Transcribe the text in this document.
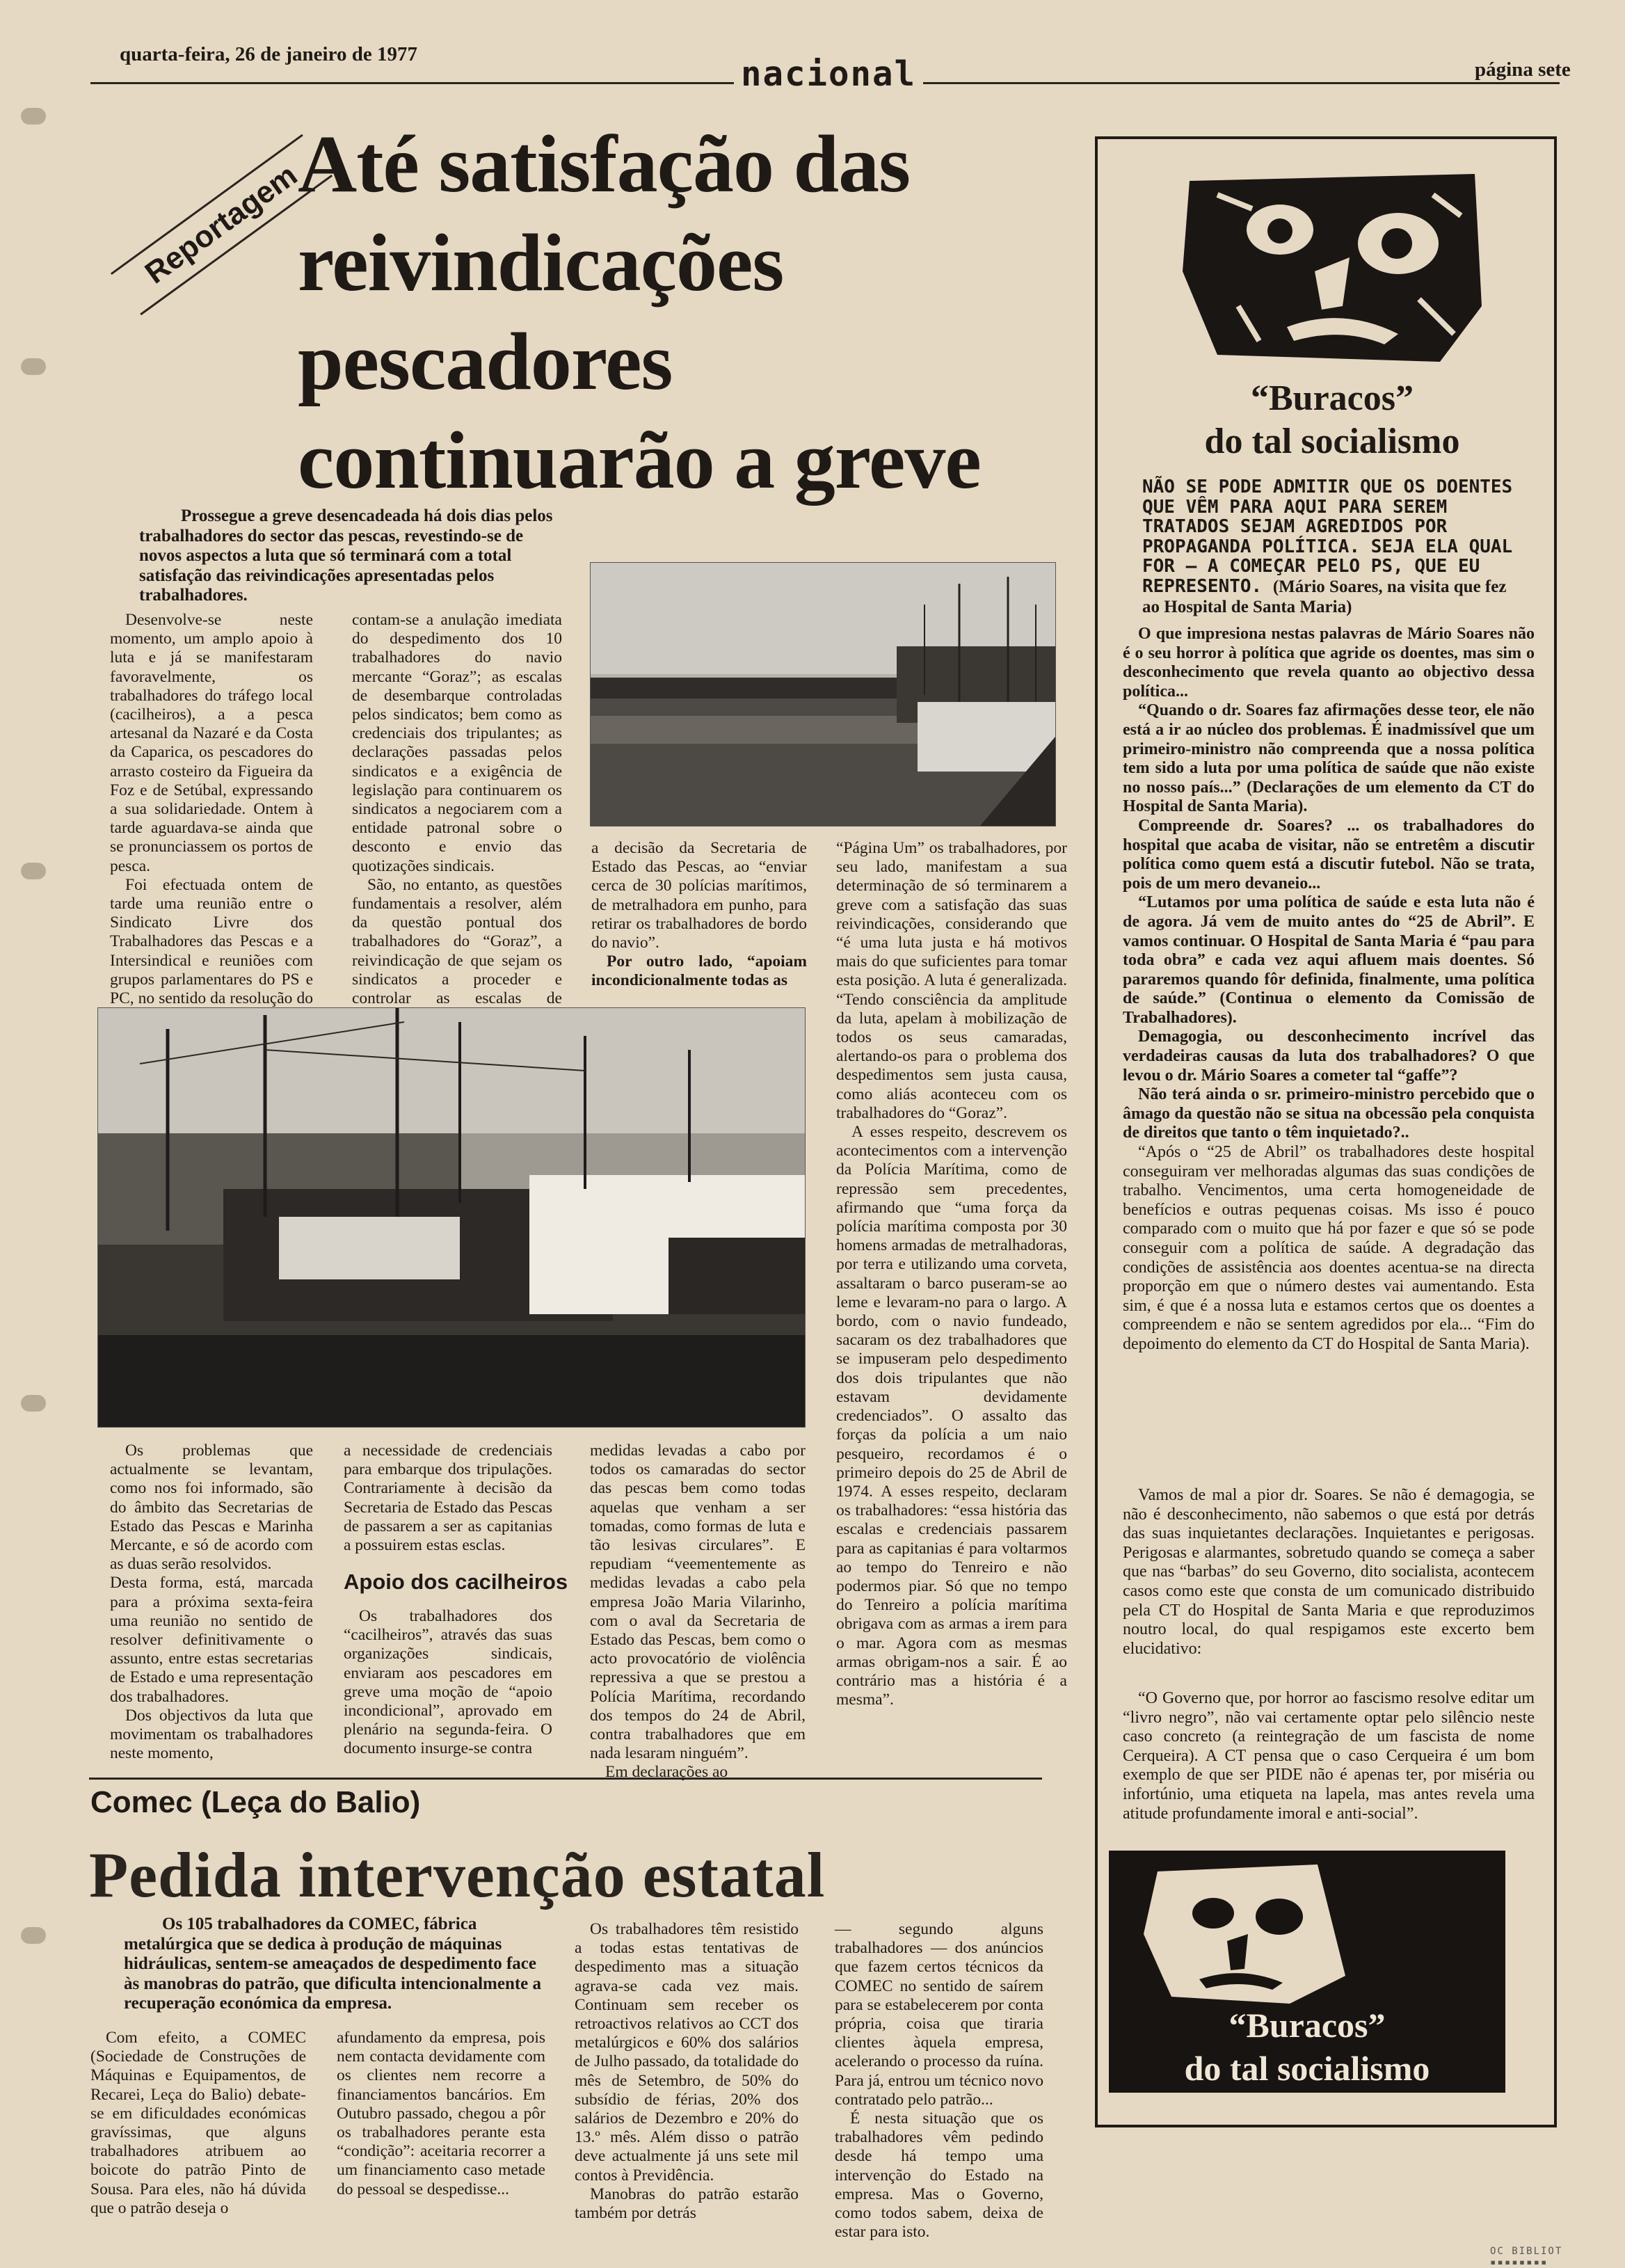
quarta-feira, 26 de janeiro de 1977	nacional	página sete
Reportagem
Até satisfação das reivindicações pescadores continuarão a greve

Prossegue a greve desencadeada há dois dias pelos trabalhadores do sector das pescas, revestindo-se de novos aspectos a luta que só terminará com a total satisfação das reivindicações apresentadas pelos trabalhadores.

Desenvolve-se neste momento, um amplo apoio à luta e já se manifestaram favoravelmente, os trabalhadores do tráfego local (cacilheiros), a a pesca artesanal da Nazaré e da Costa da Caparica, os pescadores do arrasto costeiro da Figueira da Foz e de Setúbal, expressando a sua solidariedade. Ontem à tarde aguardava-se ainda que se pronunciassem os portos de pesca.

Foi efectuada ontem de tarde uma reunião entre o Sindicato Livre dos Trabalhadores das Pescas e a Intersindical e reuniões com grupos parlamentares do PS e PC, no sentido da resolução do

contam-se a anulação imediata do despedimento dos 10 trabalhadores do navio mercante “Goraz”; as escalas de desembarque controladas pelos sindicatos; bem como as credenciais dos tripulantes; as declarações passadas pelos sindicatos e a exigência de legislação para continuarem os sindicatos a negociarem com a entidade patronal sobre o desconto e envio das quotizações sindicais.

São, no entanto, as questões fundamentais a resolver, além da questão pontual dos trabalhadores do “Goraz”, a reivindicação de que sejam os sindicatos a proceder e controlar as escalas de

a decisão da Secretaria de Estado das Pescas, ao “enviar cerca de 30 polícias marítimos, de metralhadora em punho, para retirar os trabalhadores de bordo do navio”.

Por outro lado, “apoiam incondicionalmente todas as

“Página Um” os trabalhadores, por seu lado, manifestam a sua determinação de só terminarem a greve com a satisfação das suas reivindicações, considerando que “é uma luta justa e há motivos mais do que suficientes para tomar esta posição. A luta é generalizada. “Tendo consciência da amplitude da luta, apelam à mobilização de todos os seus camaradas, alertando-os para o problema dos despedimentos sem justa causa, como aliás aconteceu com os trabalhadores do “Goraz”.

A esses respeito, descrevem os acontecimentos com a intervenção da Polícia Marítima, como de repressão sem precedentes, afirmando que “uma força da polícia marítima composta por 30 homens armadas de metralhadoras, por terra e utilizando uma corveta, assaltaram o barco puseram-se ao leme e levaram-no para o largo. A bordo, com o navio fundeado, sacaram os dez trabalhadores que se impuseram pelo despedimento dos dois tripulantes que não estavam devidamente credenciados”. O assalto das forças da polícia a um naio pesqueiro, recordamos é o primeiro depois do 25 de Abril de 1974. A esses respeito, declaram os trabalhadores: “essa história das escalas e credenciais passarem para as capitanias é para voltarmos ao tempo do Tenreiro e não podermos piar. Só que no tempo do Tenreiro a polícia marítima obrigava com as armas a irem para o mar. Agora com as mesmas armas obrigam-nos a sair. É ao contrário mas a história é a mesma”.

Os problemas que actualmente se levantam, como nos foi informado, são do âmbito das Secretarias de Estado das Pescas e Marinha Mercante, e só de acordo com as duas serão resolvidos.

Desta forma, está, marcada para a próxima sexta-feira uma reunião no sentido de resolver definitivamente o assunto, entre estas secretarias de Estado e uma representação dos trabalhadores.

Dos objectivos da luta que movimentam os trabalhadores neste momento,

a necessidade de credenciais para embarque dos tripulações. Contrariamente à decisão da Secretaria de Estado das Pescas de passarem a ser as capitanias a possuirem estas esclas.

Apoio dos cacilheiros

Os trabalhadores dos “cacilheiros”, através das suas organizações sindicais, enviaram aos pescadores em greve uma moção de “apoio incondicional”, aprovado em plenário na segunda-feira. O documento insurge-se contra

medidas levadas a cabo por todos os camaradas do sector das pescas bem como todas aquelas que venham a ser tomadas, como formas de luta e tão lesivas circulares”. E repudiam “veementemente as medidas levadas a cabo pela empresa João Maria Vilarinho, com o aval da Secretaria de Estado das Pescas, bem como o acto provocatório de violência repressiva a que se prestou a Polícia Marítima, recordando dos tempos do 24 de Abril, contra trabalhadores que em nada lesaram ninguém”.

Em declarações ao

Comec (Leça do Balio)
Pedida intervenção estatal

Os 105 trabalhadores da COMEC, fábrica metalúrgica que se dedica à produção de máquinas hidráulicas, sentem-se ameaçados de despedimento face às manobras do patrão, que dificulta intencionalmente a recuperação económica da empresa.

Com efeito, a COMEC (Sociedade de Construções de Máquinas e Equipamentos, de Recarei, Leça do Balio) debate-se em dificuldades económicas gravíssimas, que alguns trabalhadores atribuem ao boicote do patrão Pinto de Sousa. Para eles, não há dúvida que o patrão deseja o

afundamento da empresa, pois nem contacta devidamente com os clientes nem recorre a financiamentos bancários. Em Outubro passado, chegou a pôr os trabalhadores perante esta “condição”: aceitaria recorrer a um financiamento caso metade do pessoal se despedisse...

Os trabalhadores têm resistido a todas estas tentativas de despedimento mas a situação agrava-se cada vez mais. Continuam sem receber os retroactivos relativos ao CCT dos metalúrgicos e 60% dos salários de Julho passado, da totalidade do mês de Setembro, de 50% do subsídio de férias, 20% dos salários de Dezembro e 20% do 13.º mês. Além disso o patrão deve actualmente já uns sete mil contos à Previdência.

Manobras do patrão estarão também por detrás

— segundo alguns trabalhadores — dos anúncios que fazem certos técnicos da COMEC no sentido de saírem para se estabelecerem por conta própria, coisa que tiraria clientes àquela empresa, acelerando o processo da ruína. Para já, entrou um técnico novo contratado pelo patrão...

É nesta situação que os trabalhadores vêm pedindo desde há tempo uma intervenção do Estado na empresa. Mas o Governo, como todos sabem, deixa de estar para isto.

“Buracos”
do tal socialismo

NÃO SE PODE ADMITIR QUE OS DOENTES QUE VÊM PARA AQUI PARA SEREM TRATADOS SEJAM AGREDIDOS POR PROPAGANDA POLÍTICA. SEJA ELA QUAL FOR — A COMEÇAR PELO PS, QUE EU REPRESENTO. (Mário Soares, na visita que fez ao Hospital de Santa Maria)

O que impresiona nestas palavras de Mário Soares não é o seu horror à política que agride os doentes, mas sim o desconhecimento que revela quanto ao objectivo dessa política...

“Quando o dr. Soares faz afirmações desse teor, ele não está a ir ao núcleo dos problemas. É inadmissível que um primeiro-ministro não compreenda que a nossa política tem sido a luta por uma política de saúde que não existe no nosso país...” (Declarações de um elemento da CT do Hospital de Santa Maria).

Compreende dr. Soares? ... os trabalhadores do hospital que acaba de visitar, não se entretêm a discutir política como quem está a discutir futebol. Não se trata, pois de um mero devaneio...

“Lutamos por uma política de saúde e esta luta não é de agora. Já vem de muito antes do “25 de Abril”. E vamos continuar. O Hospital de Santa Maria é “pau para toda obra” e cada vez aqui afluem mais doentes. Só pararemos quando fôr definida, finalmente, uma política de saúde.” (Continua o elemento da Comissão de Trabalhadores).

Demagogia, ou desconhecimento incrível das verdadeiras causas da luta dos trabalhadores? O que levou o dr. Mário Soares a cometer tal “gaffe”?

Não terá ainda o sr. primeiro-ministro percebido que o âmago da questão não se situa na obcessão pela conquista de direitos que tanto o têm inquietado?..

“Após o “25 de Abril” os trabalhadores deste hospital conseguiram ver melhoradas algumas das suas condições de trabalho. Vencimentos, uma certa homogeneidade de benefícios e outras pequenas coisas. Ms isso é pouco comparado com o muito que há por fazer e que só se pode conseguir com a política de saúde. A degradação das condições de assistência aos doentes acentua-se na directa proporção em que o número destes vai aumentando. Esta sim, é que é a nossa luta e estamos certos que os doentes a compreendem e não se sentem agredidos por ela... “Fim do depoimento do elemento da CT do Hospital de Santa Maria).

Vamos de mal a pior dr. Soares. Se não é demagogia, se não é desconhecimento, não sabemos o que está por detrás das suas inquietantes declarações. Inquietantes e perigosas. Perigosas e alarmantes, sobretudo quando se começa a saber que nas “barbas” do seu Governo, dito socialista, acontecem casos como este que consta de um comunicado distribuido pela CT do Hospital de Santa Maria e que reproduzimos noutro local, do qual respigamos este excerto bem elucidativo:

“O Governo que, por horror ao fascismo resolve editar um “livro negro”, não vai certamente optar pelo silêncio neste caso concreto (a reintegração de um fascista de nome Cerqueira). A CT pensa que o caso Cerqueira é um bom exemplo de que ser PIDE não é apenas ter, por miséria ou infortúnio, uma etiqueta na lapela, mas antes revela uma atitude profundamente imoral e anti-social”.

“Buracos”
do tal socialismo
OC BIBLIOT ▪▪▪▪▪▪▪▪
